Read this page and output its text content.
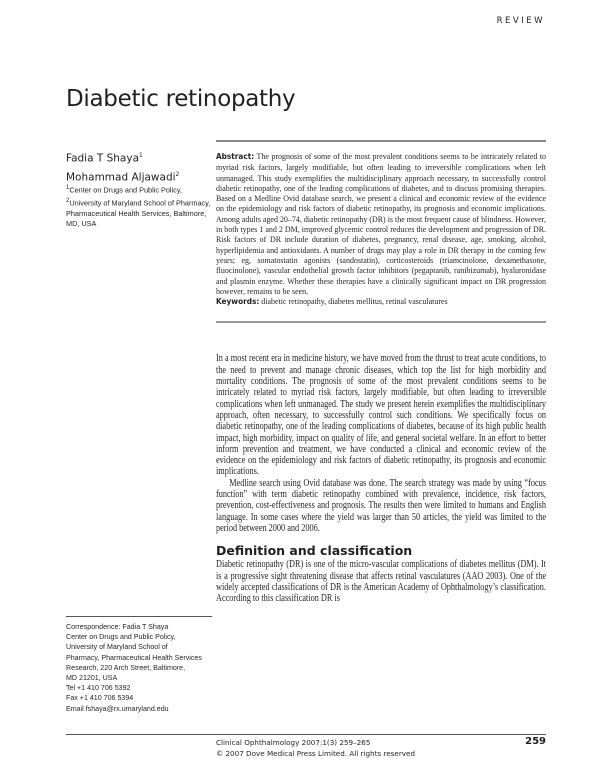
REVIEW
Diabetic retinopathy
Fadia T Shaya$^1$
Mohammad Aljawadi$^2$
$^1$Center on Drugs and Public Policy,
$^2$University of Maryland School of Pharmacy, Pharmaceutical Health Services, Baltimore, MD, USA
Abstract: The prognosis of some of the most prevalent conditions seems to be intricately related to myriad risk factors, largely modifiable, but often leading to irreversible complications when left unmanaged. This study exemplifies the multidisciplinary approach necessary, to successfully control diabetic retinopathy, one of the leading complications of diabetes, and to discuss promising therapies. Based on a Medline Ovid database search, we present a clinical and economic review of the evidence on the epidemiology and risk factors of diabetic retinopathy, its prognosis and economic implications. Among adults aged 20–74, diabetic retinopathy (DR) is the most frequent cause of blindness. However, in both types 1 and 2 DM, improved glycemic control reduces the development and progression of DR. Risk factors of DR include duration of diabetes, pregnancy, renal disease, age, smoking, alcohol, hyperlipidemia and antioxidants. A number of drugs may play a role in DR therapy in the coming few years; eg, somatostatin agonists (sandostatin), corticosteroids (triamcinolone, dexamethasone, fluocinolone), vascular endothelial growth factor inhibitors (pegaptanib, ranibizumab), hyaluronidase and plasmin enzyme. Whether these therapies have a clinically significant impact on DR progression however, remains to be seen.
Keywords: diabetic retinopathy, diabetes mellitus, retinal vasculatures

In a most recent era in medicine history, we have moved from the thrust to treat acute conditions, to the need to prevent and manage chronic diseases, which top the list for high morbidity and mortality conditions. The prognosis of some of the most prevalent conditions seems to be intricately related to myriad risk factors, largely modifiable, but often leading to irreversible complications when left unmanaged. The study we present herein exemplifies the multidisciplinary approach, often necessary, to successfully control such conditions. We specifically focus on diabetic retinopathy, one of the leading complications of diabetes, because of its high public health impact, high morbidity, impact on quality of life, and general societal welfare. In an effort to better inform prevention and treatment, we have conducted a clinical and economic review of the evidence on the epidemiology and risk factors of diabetic retinopathy, its prognosis and economic implications.

Medline search using Ovid database was done. The search strategy was made by using “focus function” with term diabetic retinopathy combined with prevalence, incidence, risk factors, prevention, cost-effectiveness and prognosis. The results then were limited to humans and English language. In some cases where the yield was larger than 50 articles, the yield was limited to the period between 2000 and 2006.

Definition and classification

Diabetic retinopathy (DR) is one of the micro-vascular complications of diabetes mellitus (DM). It is a progressive sight threatening disease that affects retinal vasculatures (AAO 2003). One of the widely accepted classifications of DR is the American Academy of Ophthalmology’s classification. According to this classification DR is

Correspondence: Fadia T Shaya
Center on Drugs and Public Policy,
University of Maryland School of
Pharmacy, Pharmaceutical Health Services
Research, 220 Arch Street, Baltimore,
MD 21201, USA
Tel +1 410 706 5392
Fax +1 410 706 5394
Email fshaya@rx.umaryland.edu
Clinical Ophthalmology 2007:1(3) 259–265
© 2007 Dove Medical Press Limited. All rights reserved
259
